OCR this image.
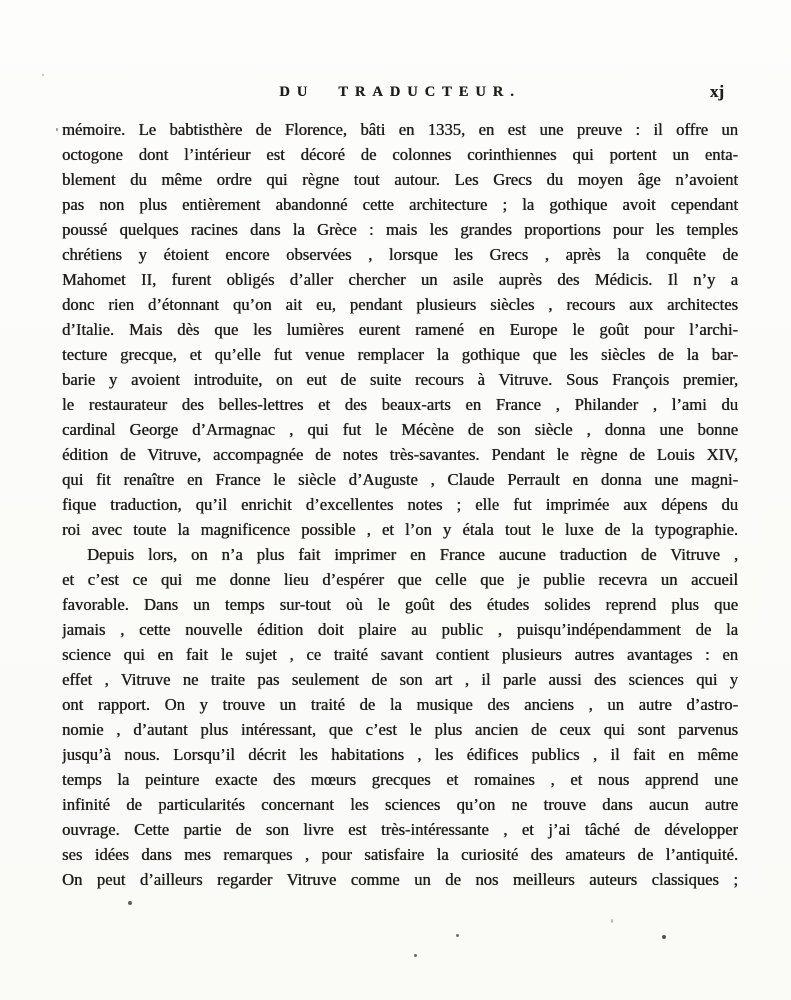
DU TRADUCTEUR.	xj
mémoire. Le babtisthère de Florence, bâti en 1335, en est une preuve : il offre un
octogone dont l’intérieur est décoré de colonnes corinthiennes qui portent un enta-
blement du même ordre qui règne tout autour. Les Grecs du moyen âge n’avoient
pas non plus entièrement abandonné cette architecture ; la gothique avoit cependant
poussé quelques racines dans la Grèce : mais les grandes proportions pour les temples
chrétiens y étoient encore observées , lorsque les Grecs , après la conquête de
Mahomet II, furent obligés d’aller chercher un asile auprès des Médicis. Il n’y a
donc rien d’étonnant qu’on ait eu, pendant plusieurs siècles , recours aux architectes
d’Italie. Mais dès que les lumières eurent ramené en Europe le goût pour l’archi-
tecture grecque, et qu’elle fut venue remplacer la gothique que les siècles de la bar-
barie y avoient introduite, on eut de suite recours à Vitruve. Sous François premier,
le restaurateur des belles-lettres et des beaux-arts en France , Philander , l’ami du
cardinal George d’Armagnac , qui fut le Mécène de son siècle , donna une bonne
édition de Vitruve, accompagnée de notes très-savantes. Pendant le règne de Louis XIV,
qui fit renaître en France le siècle d’Auguste , Claude Perrault en donna une magni-
fique traduction, qu’il enrichit d’excellentes notes ; elle fut imprimée aux dépens du
roi avec toute la magnificence possible , et l’on y étala tout le luxe de la typographie.
Depuis lors, on n’a plus fait imprimer en France aucune traduction de Vitruve ,
et c’est ce qui me donne lieu d’espérer que celle que je publie recevra un accueil
favorable. Dans un temps sur-tout où le goût des études solides reprend plus que
jamais , cette nouvelle édition doit plaire au public , puisqu’indépendamment de la
science qui en fait le sujet , ce traité savant contient plusieurs autres avantages : en
effet , Vitruve ne traite pas seulement de son art , il parle aussi des sciences qui y
ont rapport. On y trouve un traité de la musique des anciens , un autre d’astro-
nomie , d’autant plus intéressant, que c’est le plus ancien de ceux qui sont parvenus
jusqu’à nous. Lorsqu’il décrit les habitations , les édifices publics , il fait en même
temps la peinture exacte des mœurs grecques et romaines , et nous apprend une
infinité de particularités concernant les sciences qu’on ne trouve dans aucun autre
ouvrage. Cette partie de son livre est très-intéressante , et j’ai tâché de développer
ses idées dans mes remarques , pour satisfaire la curiosité des amateurs de l’antiquité.
On peut d’ailleurs regarder Vitruve comme un de nos meilleurs auteurs classiques ;
